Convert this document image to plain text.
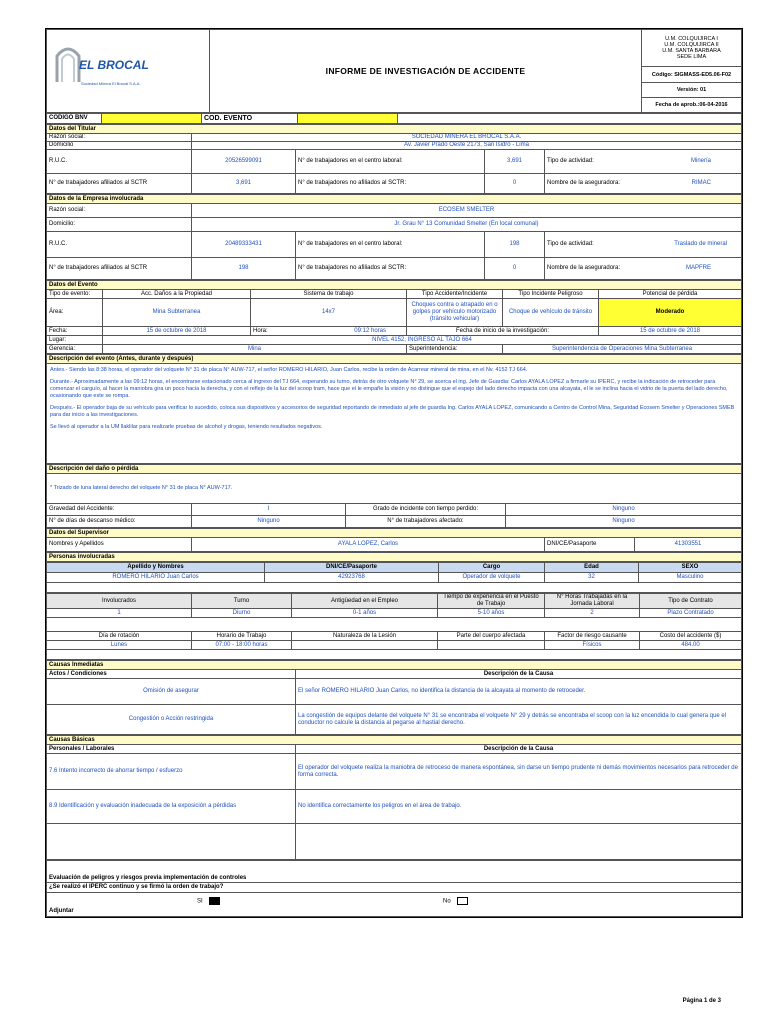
EL BROCAL
Sociedad Minera El Brocal S.A.A.
	INFORME DE INVESTIGACIÓN DE ACCIDENTE	
U.M. COLQUIJIRCA I
U.M. COLQUIJIRCA II
U.M. SANTA BARBARA
SEDE LIMA

Código: SIGMASS-ED5.06-F02
Versión: 01
Fecha de aprob.:06-04-2016
CODIGO BNV		COD. EVENTO		
Datos del Titular				
Razón social:	SOCIEDAD MINERA EL BROCAL S.A.A.			
Domicilio	Av. Javier Prado Oeste 2173, San Isidro - Lima			
R.U.C.	20526599091	N° de trabajadores en el centro laboral:	3,691	Tipo de actividad: Minería

N° de trabajadores afiliados al SCTR	3,691	N° de trabajadores no afiliados al SCTR:	0	Nombre de la aseguradora: RIMAC
Datos de la Empresa involucrada				
Razón social:	ECOSEM SMELTER			
Domicilio:	Jr. Grau N° 13 Comunidad Smelter (En local comunal)			
R.U.C.	20489333431	N° de trabajadores en el centro laboral:	198	Tipo de actividad: Traslado de mineral

N° de trabajadores afiliados al SCTR	198	N° de trabajadores no afiliados al SCTR:	0	Nombre de la aseguradora: MAPFRE
Datos del Evento					
Tipo de evento:	Acc. Daños a la Propiedad	Sistema de trabajo	Tipo Accidente/Incidente	Tipo Incidente Peligroso	Potencial de pérdida
Área:	Mina Subterranea	14x7	Choques contra o atrapado en o golpes por vehículo motorizado (tránsito vehicular)	Choque de vehículo de tránsito	Moderado
Fecha:	15 de octubre de 2018	Hora: 09:12 horas	Fecha de inicio de la investigación:		15 de octubre de 2018
Lugar:	NIVEL 4152, INGRESO AL TAJO 664				
Gerencia:	Mina		Superintendencia:	Superintendencia de Operaciones Mina Subterranea	
Descripción del evento (Antes, durante y después)

Antes.- Siendo las 8:38 horas, el operador del volquete N° 31 de placa N° AUW-717, el señor ROMERO HILARIO, Juan Carlos, recibe la orden de Acarrear mineral de mina, en el Nv. 4152 TJ 664.

Durante.- Aproximadamente a las 09:12 horas, el encontrarse estacionado cerca al ingreso del TJ 664, esperando su turno, detrás de otro volquete N° 29, se acerca el ing. Jefe de Guardia: Carlos AYALA LOPEZ a firmarle su IPERC, y recibe la indicación de retroceder para comenzar el carguío, al hacer la maniobra gira un poco hacia la derecha, y con el reflejo de la luz del scoop tram, hace que el le empañe la visión y no distingue que el espejo del lado derecho impacta con una alcayata, el le se inclina hacia el vidrio de la puerta del lado derecho, ocasionando que este se rompa.

Después.- El operador baja de su vehículo para verificar lo sucedido, coloca sus dispositivos y accesorios de seguridad reportando de inmediato al jefe de guardia Ing. Carlos AYALA LOPEZ, comunicando a Centro de Control Mina, Seguridad Ecosem Smelter y Operaciones SMEB para dar inicio a las investigaciones.

Se llevó al operador a la UM llaklilar para realizarle pruebas de alcohol y drogas, teniendo resultados negativos.

Descripción del daño o pérdida			
* Trizado de luna lateral derecho del volquete N° 31 de placa N° AUW-717.			
Gravedad del Accidente:	I	Grado de incidente con tiempo perdido:	Ninguno
N° de días de descanso médico:	Ninguno	N° de trabajadores afectado:	Ninguno
Datos del Supervisor
Nombres y Apellidos	AYALA LOPEZ, Carlos	DNI/CE/Pasaporte	41303551
Personas involucradas
Apellido y Nombres	DNI/CE/Pasaporte	Cargo	Edad	SEXO
ROMERO HILARIO Juan Carlos	42923768	Operador de volquete	32	Masculino

Involucrados	Turno	Antigüedad en el Empleo	Tiempo de experiencia en el Puesto de Trabajo	N° Horas Trabajadas en la Jornada Laboral	Tipo de Contrato
1	Diurno	0-1 años	5-10 años	2	Plazo Contratado

Día de rotación	Horario de Trabajo	Naturaleza de la Lesión	Parte del cuerpo afectada	Factor de riesgo causante	Costo del accidente ($)
Lunes	07:00 - 18:00 horas			Físicos	484.00

Causas Inmediatas	
Actos / Condiciones	Descripción de la Causa
Omisión de asegurar	El señor ROMERO HILARIO Juan Carlos, no identifica la distancia de la alcayata al momento de retroceder.
Congestión o Acción restringida	La congestión de equipos delante del volquete N° 31 se encontraba el volquete N° 29 y detrás se encontraba el scoop con la luz encendida lo cual genera que el conductor no calcule la distancia al pegarse al hastial derecho.
Causas Básicas	
Personales / Laborales	Descripción de la Causa
7.6 Intento incorrecto de ahorrar tiempo / esfuerzo	El operador del volquete realiza la maniobra de retroceso de manera espontánea, sin darse un tiempo prudente ni demás movimientos necesarios para retroceder de forma correcta.
8.9 Identificación y evaluación inadecuada de la exposición a pérdidas	No identifica correctamente los peligros en el área de trabajo.

Evaluación de peligros y riesgos previa implementación de controles
¿Se realizó el IPERC continuo y se firmó la orden de trabajo?

SI	No
Adjuntar
Página 1 de 3
